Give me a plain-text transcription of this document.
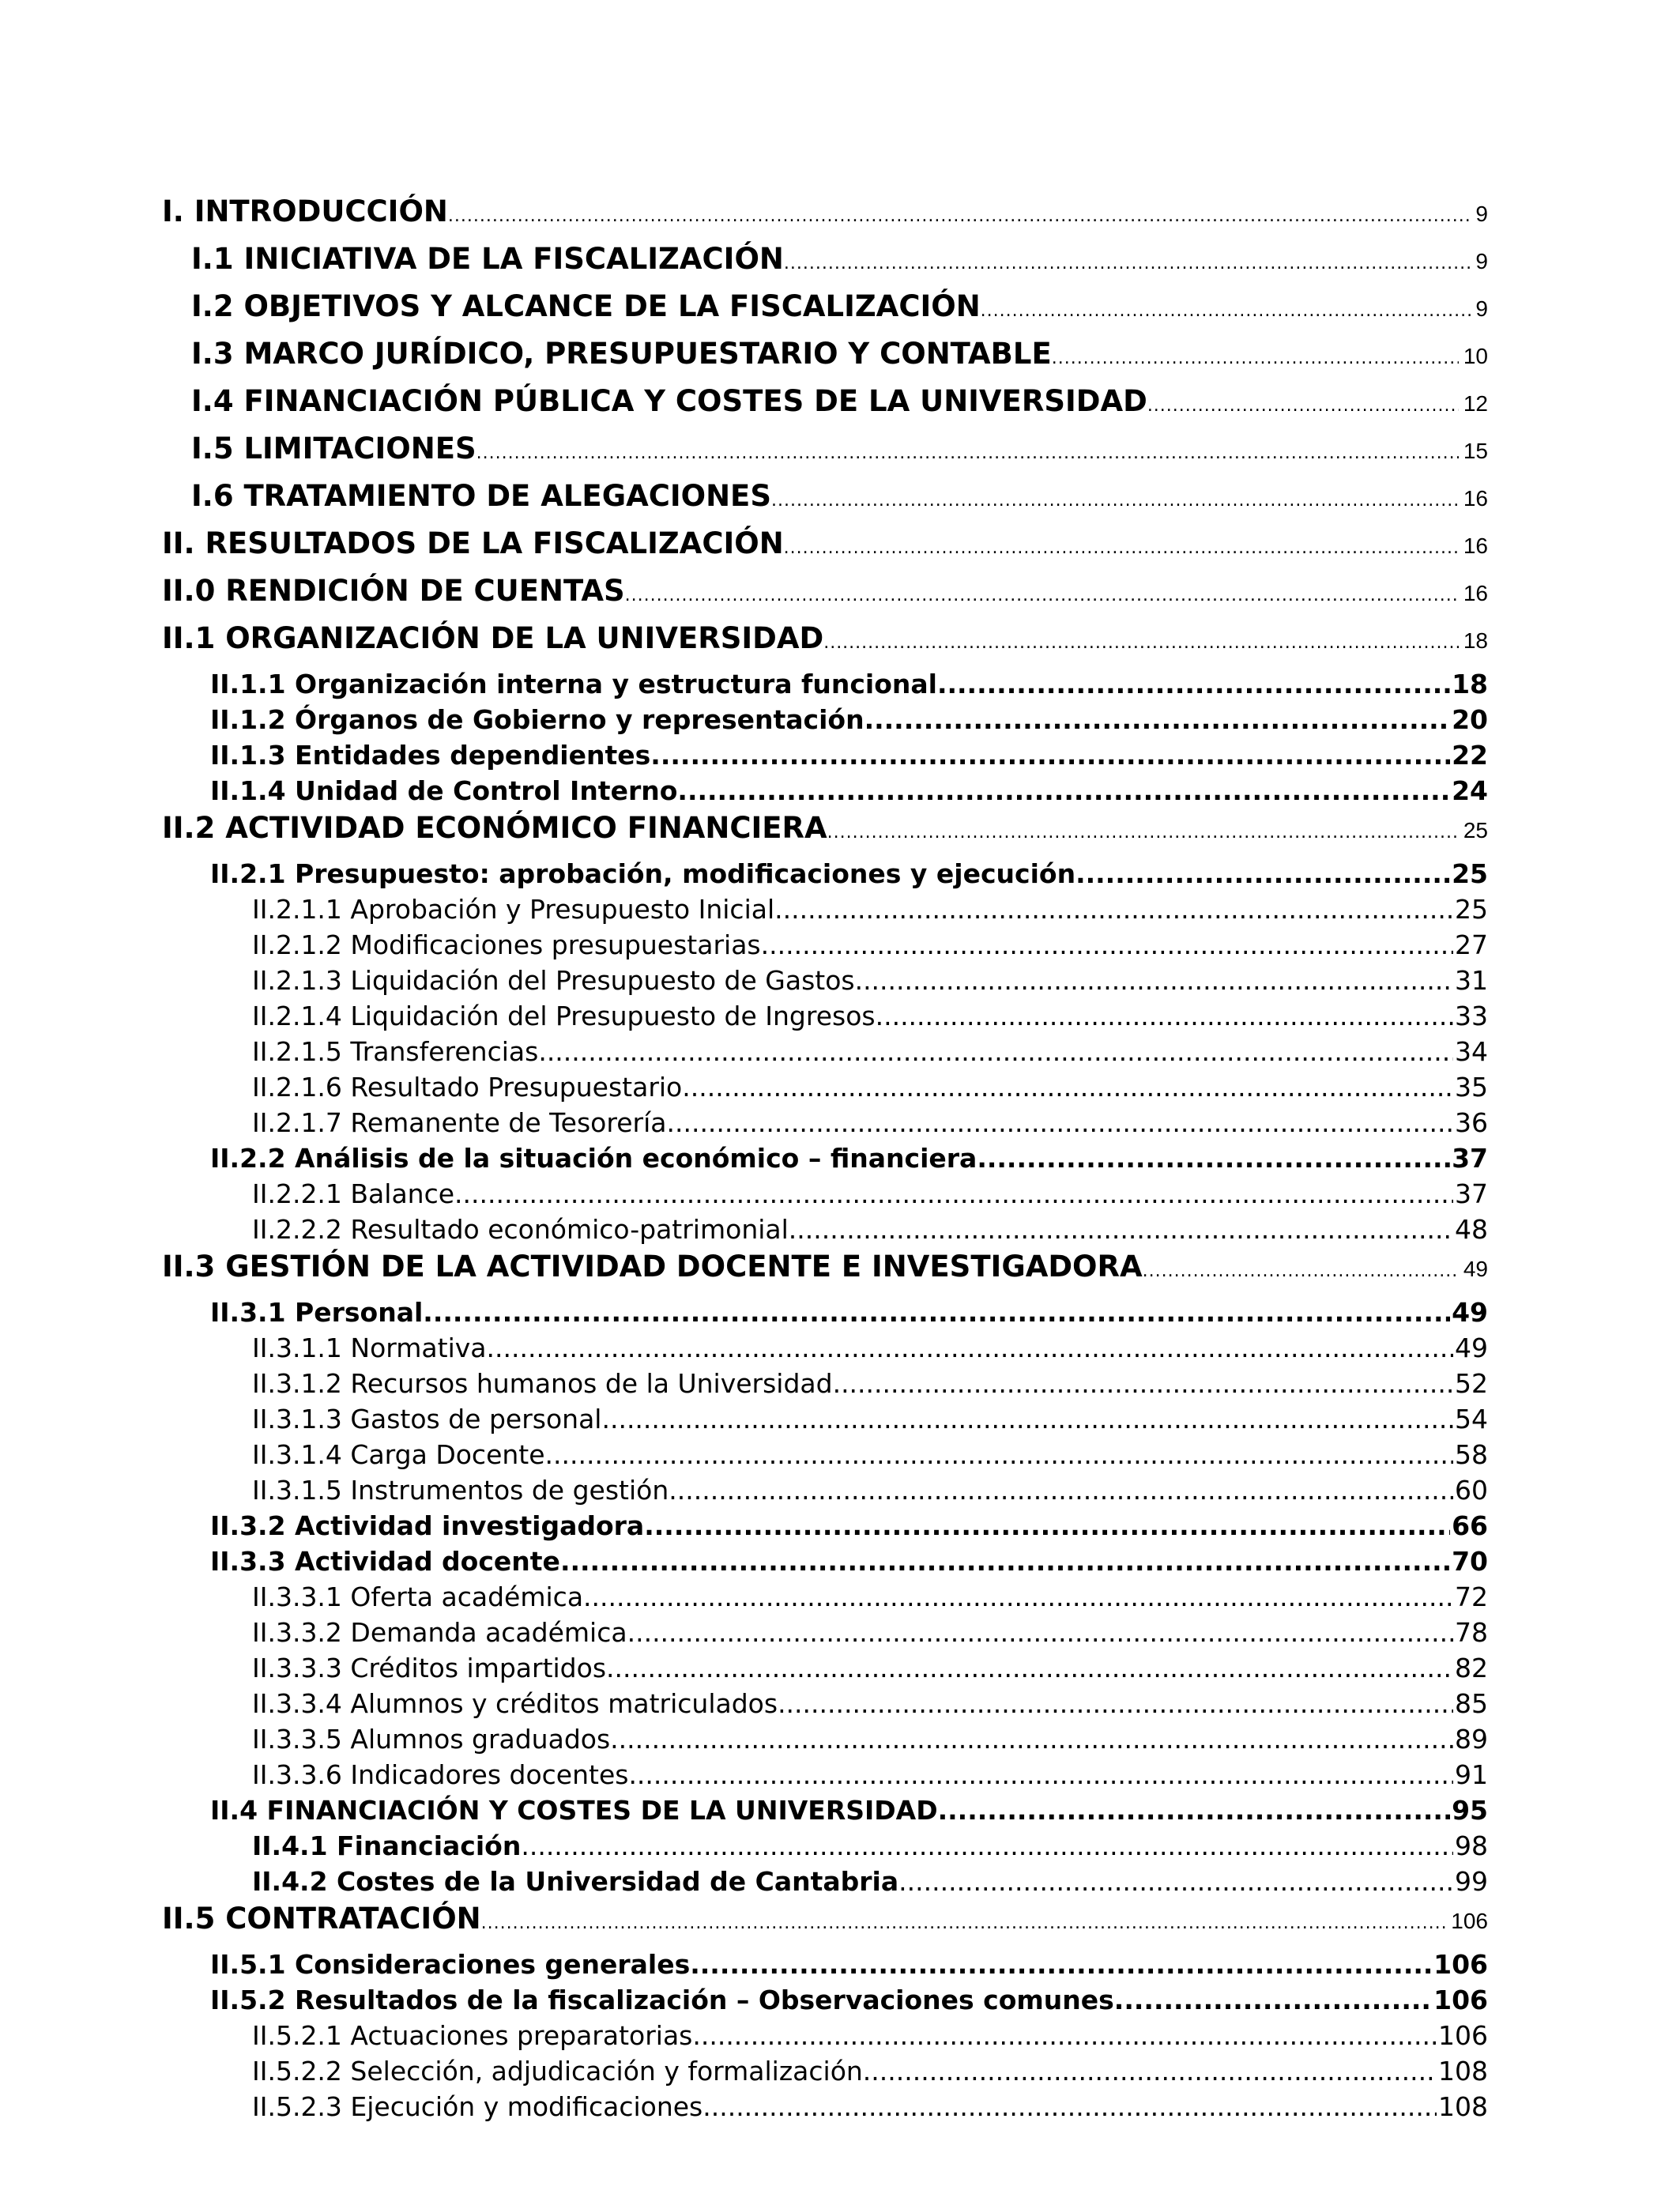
I. INTRODUCCIÓN .....	9
I.1 INICIATIVA DE LA FISCALIZACIÓN .....	9
I.2 OBJETIVOS Y ALCANCE DE LA FISCALIZACIÓN .....	9
I.3 MARCO JURÍDICO, PRESUPUESTARIO Y CONTABLE .....	10
I.4 FINANCIACIÓN PÚBLICA Y COSTES DE LA UNIVERSIDAD .....	12
I.5 LIMITACIONES .....	15
I.6 TRATAMIENTO DE ALEGACIONES .....	16
II. RESULTADOS DE LA FISCALIZACIÓN .....	16
II.0 RENDICIÓN DE CUENTAS .....	16
II.1 ORGANIZACIÓN DE LA UNIVERSIDAD .....	18
II.1.1 Organización interna y estructura funcional .....	18
II.1.2 Órganos de Gobierno y representación .....	20
II.1.3 Entidades dependientes .....	22
II.1.4 Unidad de Control Interno .....	24
II.2 ACTIVIDAD ECONÓMICO FINANCIERA .....	25
II.2.1 Presupuesto: aprobación, modificaciones y ejecución .....	25
II.2.1.1 Aprobación y Presupuesto Inicial .....	25
II.2.1.2 Modificaciones presupuestarias .....	27
II.2.1.3 Liquidación del Presupuesto de Gastos .....	31
II.2.1.4 Liquidación del Presupuesto de Ingresos .....	33
II.2.1.5 Transferencias .....	34
II.2.1.6 Resultado Presupuestario .....	35
II.2.1.7 Remanente de Tesorería .....	36
II.2.2 Análisis de la situación económico – financiera .....	37
II.2.2.1 Balance .....	37
II.2.2.2 Resultado económico-patrimonial .....	48
II.3 GESTIÓN DE LA ACTIVIDAD DOCENTE E INVESTIGADORA .....	49
II.3.1 Personal .....	49
II.3.1.1 Normativa .....	49
II.3.1.2 Recursos humanos de la Universidad .....	52
II.3.1.3 Gastos de personal .....	54
II.3.1.4 Carga Docente .....	58
II.3.1.5 Instrumentos de gestión .....	60
II.3.2 Actividad investigadora .....	66
II.3.3 Actividad docente .....	70
II.3.3.1 Oferta académica .....	72
II.3.3.2 Demanda académica .....	78
II.3.3.3 Créditos impartidos .....	82
II.3.3.4 Alumnos y créditos matriculados .....	85
II.3.3.5 Alumnos graduados .....	89
II.3.3.6 Indicadores docentes .....	91
II.4 FINANCIACIÓN Y COSTES DE LA UNIVERSIDAD .....	95
II.4.1 Financiación .....	98
II.4.2 Costes de la Universidad de Cantabria .....	99
II.5 CONTRATACIÓN .....	106
II.5.1 Consideraciones generales .....	106
II.5.2 Resultados de la fiscalización – Observaciones comunes .....	106
II.5.2.1 Actuaciones preparatorias .....	106
II.5.2.2 Selección, adjudicación y formalización. .....	108
II.5.2.3 Ejecución y modificaciones .....	108
